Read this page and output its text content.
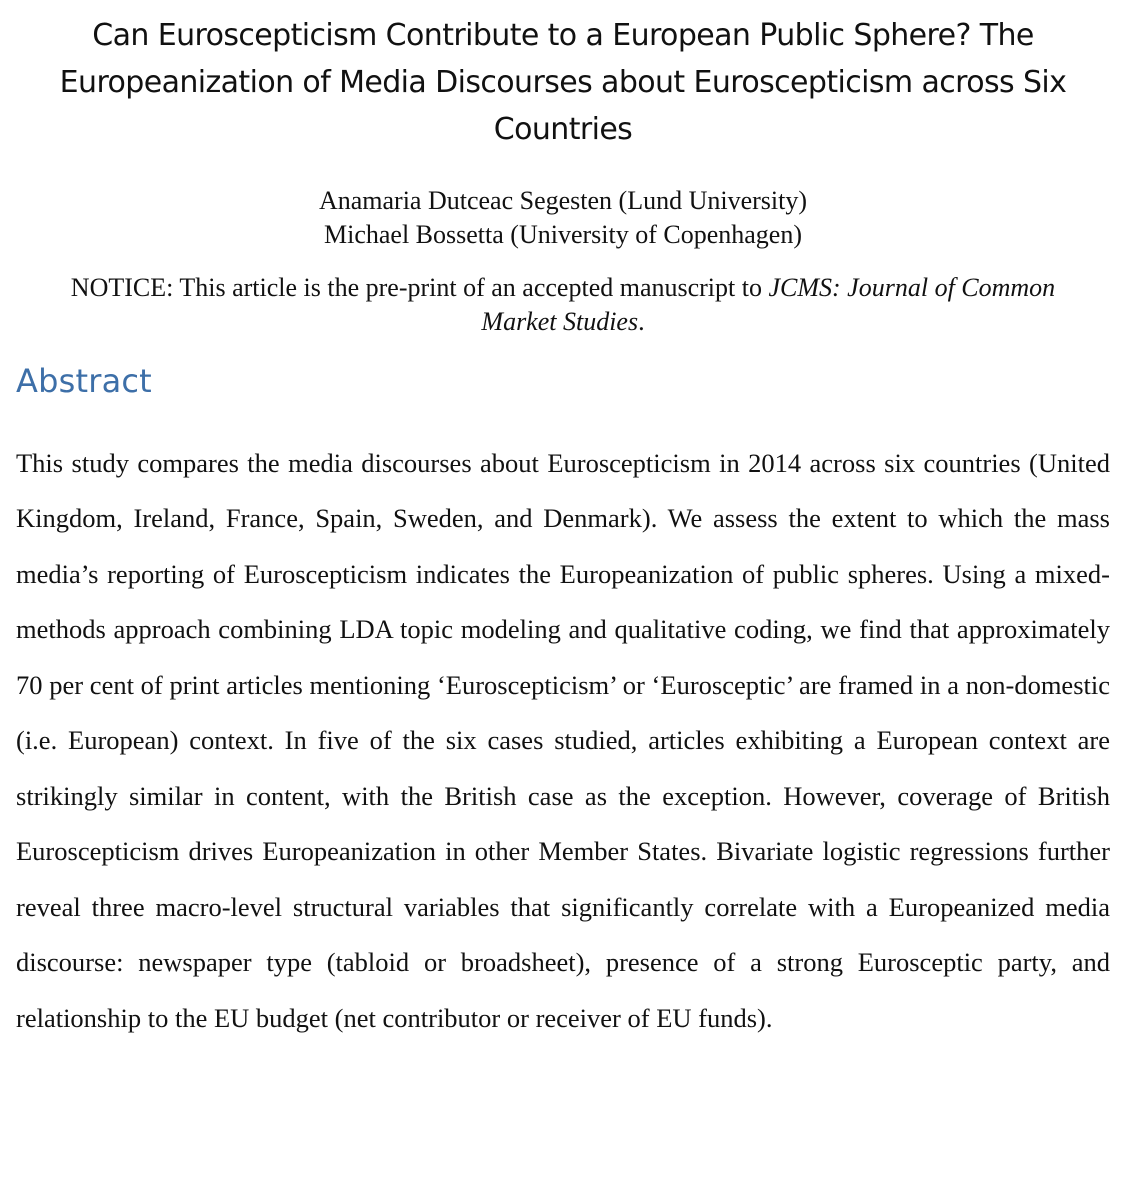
Can Euroscepticism Contribute to a European Public Sphere? The Europeanization of Media Discourses about Euroscepticism across Six Countries
Anamaria Dutceac Segesten (Lund University)
Michael Bossetta (University of Copenhagen)
NOTICE: This article is the pre-print of an accepted manuscript to JCMS: Journal of Common Market Studies.
Abstract

This study compares the media discourses about Euroscepticism in 2014 across six countries (United Kingdom, Ireland, France, Spain, Sweden, and Denmark). We assess the extent to which the mass media’s reporting of Euroscepticism indicates the Europeanization of public spheres. Using a mixed-methods approach combining LDA topic modeling and qualitative coding, we find that approximately 70 per cent of print articles mentioning ‘Euroscepticism’ or ‘Eurosceptic’ are framed in a non-domestic (i.e. European) context. In five of the six cases studied, articles exhibiting a European context are strikingly similar in content, with the British case as the exception. However, coverage of British Euroscepticism drives Europeanization in other Member States. Bivariate logistic regressions further reveal three macro-level structural variables that significantly correlate with a Europeanized media discourse: newspaper type (tabloid or broadsheet), presence of a strong Eurosceptic party, and relationship to the EU budget (net contributor or receiver of EU funds).
